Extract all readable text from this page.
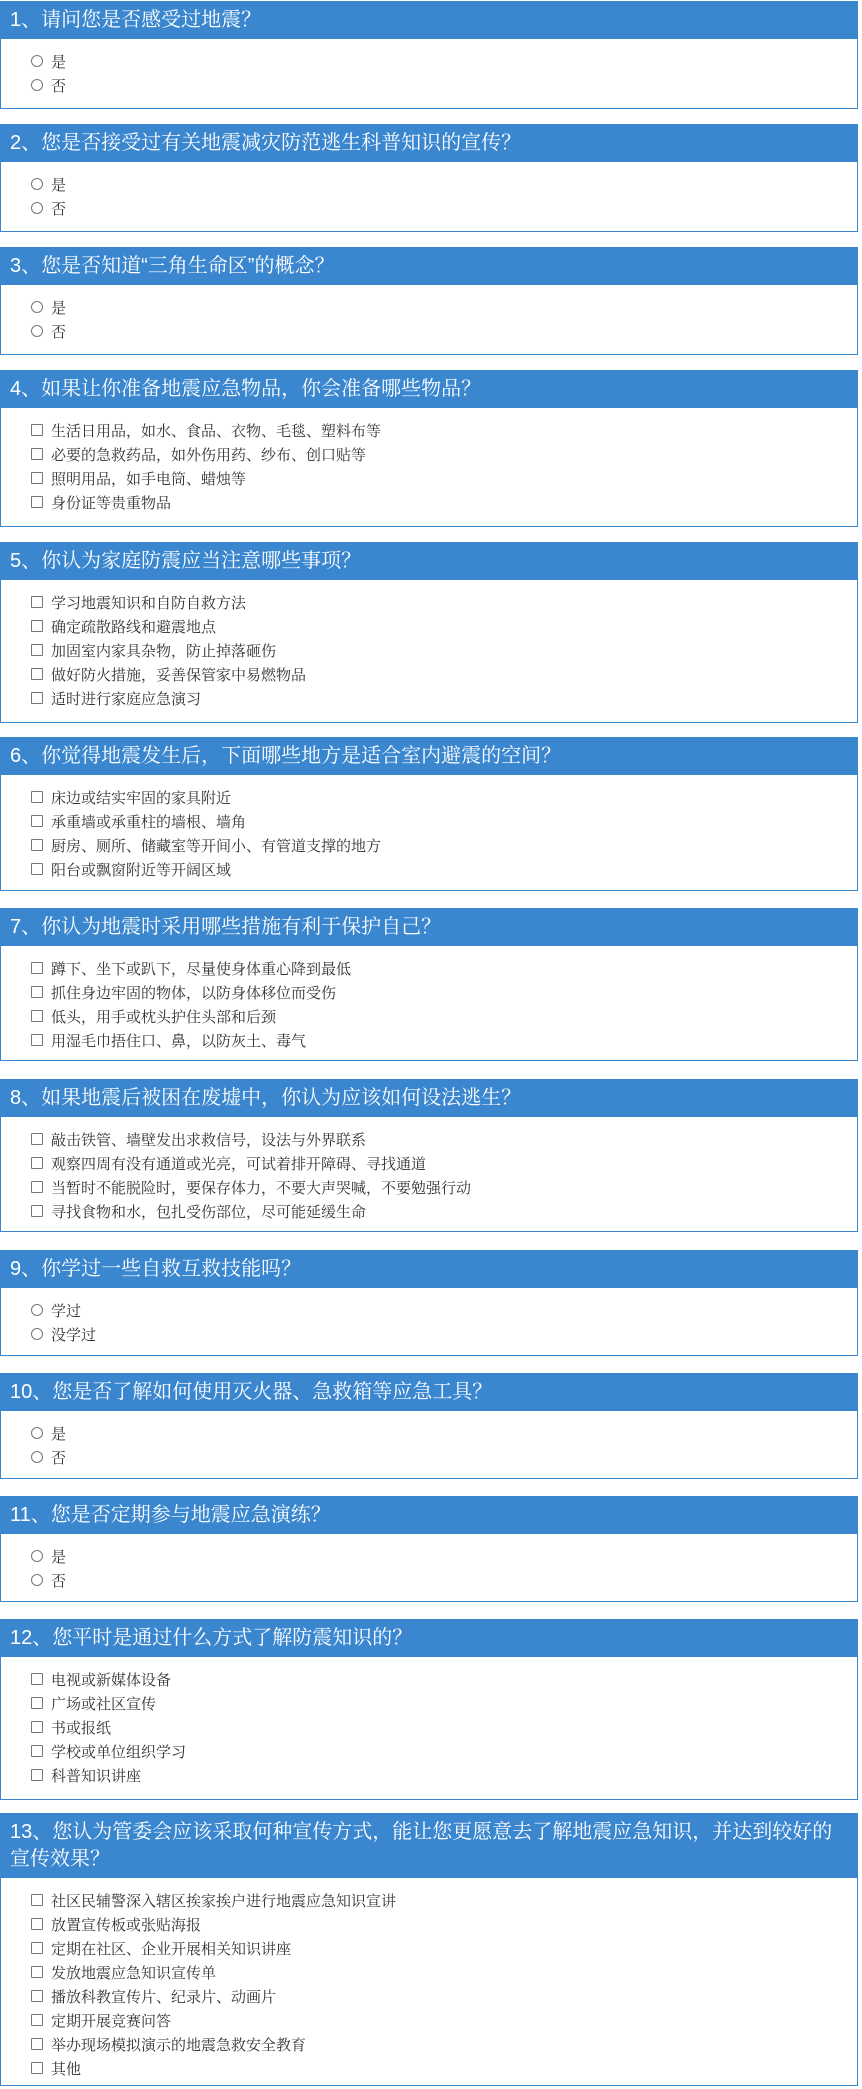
1、请问您是否感受过地震？
是
否
2、您是否接受过有关地震减灾防范逃生科普知识的宣传？
是
否
3、您是否知道“三角生命区”的概念？
是
否
4、如果让你准备地震应急物品，你会准备哪些物品？
生活日用品，如水、食品、衣物、毛毯、塑料布等
必要的急救药品，如外伤用药、纱布、创口贴等
照明用品，如手电筒、蜡烛等
身份证等贵重物品
5、你认为家庭防震应当注意哪些事项？
学习地震知识和自防自救方法
确定疏散路线和避震地点
加固室内家具杂物，防止掉落砸伤
做好防火措施，妥善保管家中易燃物品
适时进行家庭应急演习
6、你觉得地震发生后，下面哪些地方是适合室内避震的空间？
床边或结实牢固的家具附近
承重墙或承重柱的墙根、墙角
厨房、厕所、储藏室等开间小、有管道支撑的地方
阳台或飘窗附近等开阔区域
7、你认为地震时采用哪些措施有利于保护自己？
蹲下、坐下或趴下，尽量使身体重心降到最低
抓住身边牢固的物体，以防身体移位而受伤
低头，用手或枕头护住头部和后颈
用湿毛巾捂住口、鼻，以防灰土、毒气
8、如果地震后被困在废墟中，你认为应该如何设法逃生？
敲击铁管、墙壁发出求救信号，设法与外界联系
观察四周有没有通道或光亮，可试着排开障碍、寻找通道
当暂时不能脱险时，要保存体力，不要大声哭喊，不要勉强行动
寻找食物和水，包扎受伤部位，尽可能延缓生命
9、你学过一些自救互救技能吗？
学过
没学过
10、您是否了解如何使用灭火器、急救箱等应急工具？
是
否
11、您是否定期参与地震应急演练？
是
否
12、您平时是通过什么方式了解防震知识的？
电视或新媒体设备
广场或社区宣传
书或报纸
学校或单位组织学习
科普知识讲座
13、您认为管委会应该采取何种宣传方式，能让您更愿意去了解地震应急知识，并达到较好的宣传效果？
社区民辅警深入辖区挨家挨户进行地震应急知识宣讲
放置宣传板或张贴海报
定期在社区、企业开展相关知识讲座
发放地震应急知识宣传单
播放科教宣传片、纪录片、动画片
定期开展竞赛问答
举办现场模拟演示的地震急救安全教育
其他
